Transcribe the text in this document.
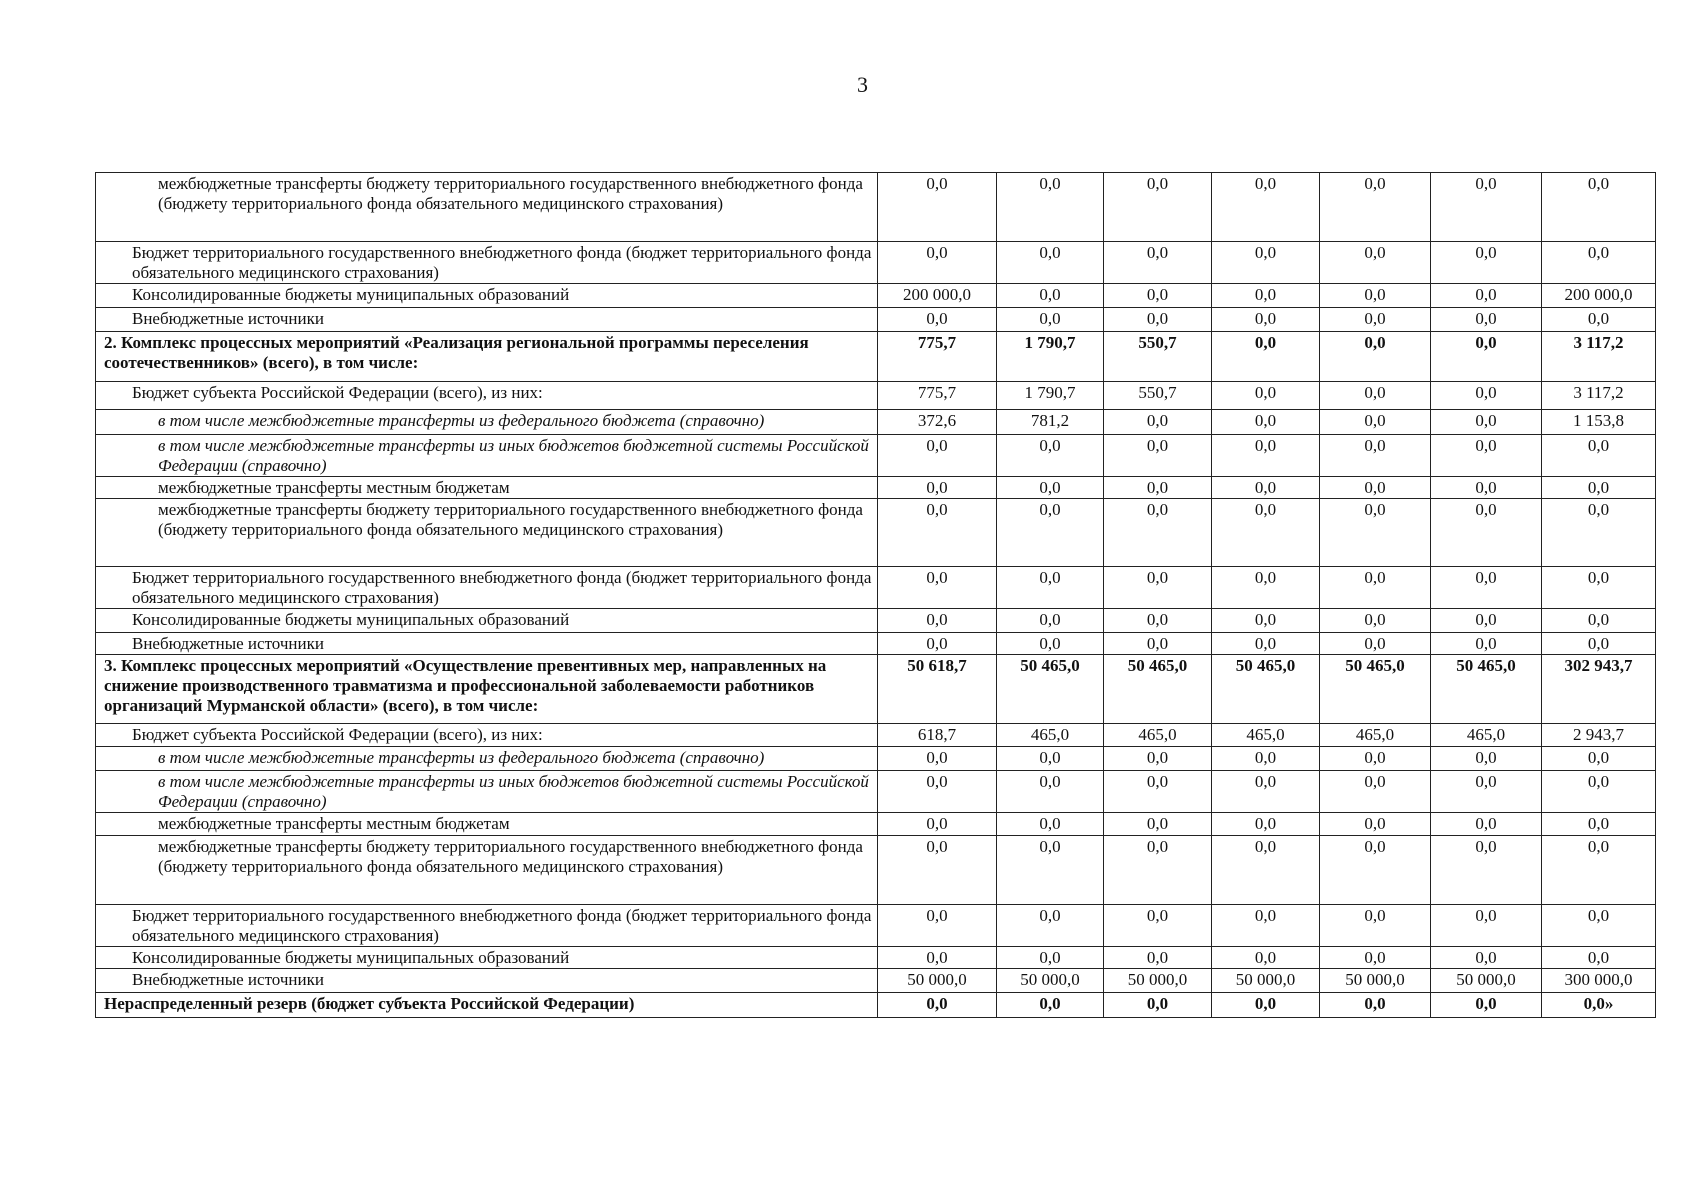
3
межбюджетные трансферты бюджету территориального государственного внебюджетного фонда (бюджету территориального фонда обязательного медицинского страхования)	0,0	0,0	0,0	0,0	0,0	0,0	0,0
Бюджет территориального государственного внебюджетного фонда (бюджет территориального фонда обязательного медицинского страхования)	0,0	0,0	0,0	0,0	0,0	0,0	0,0
Консолидированные бюджеты муниципальных образований	200 000,0	0,0	0,0	0,0	0,0	0,0	200 000,0
Внебюджетные источники	0,0	0,0	0,0	0,0	0,0	0,0	0,0
2. Комплекс процессных мероприятий «Реализация региональной программы переселения соотечественников» (всего), в том числе:	775,7	1 790,7	550,7	0,0	0,0	0,0	3 117,2
Бюджет субъекта Российской Федерации (всего), из них:	775,7	1 790,7	550,7	0,0	0,0	0,0	3 117,2
в том числе межбюджетные трансферты из федерального бюджета (справочно)	372,6	781,2	0,0	0,0	0,0	0,0	1 153,8
в том числе межбюджетные трансферты из иных бюджетов бюджетной системы Российской Федерации (справочно)	0,0	0,0	0,0	0,0	0,0	0,0	0,0
межбюджетные трансферты местным бюджетам	0,0	0,0	0,0	0,0	0,0	0,0	0,0
межбюджетные трансферты бюджету территориального государственного внебюджетного фонда (бюджету территориального фонда обязательного медицинского страхования)	0,0	0,0	0,0	0,0	0,0	0,0	0,0
Бюджет территориального государственного внебюджетного фонда (бюджет территориального фонда обязательного медицинского страхования)	0,0	0,0	0,0	0,0	0,0	0,0	0,0
Консолидированные бюджеты муниципальных образований	0,0	0,0	0,0	0,0	0,0	0,0	0,0
Внебюджетные источники	0,0	0,0	0,0	0,0	0,0	0,0	0,0
3. Комплекс процессных мероприятий «Осуществление превентивных мер, направленных на снижение производственного травматизма и профессиональной заболеваемости работников организаций Мурманской области» (всего), в том числе:	50 618,7	50 465,0	50 465,0	50 465,0	50 465,0	50 465,0	302 943,7
Бюджет субъекта Российской Федерации (всего), из них:	618,7	465,0	465,0	465,0	465,0	465,0	2 943,7
в том числе межбюджетные трансферты из федерального бюджета (справочно)	0,0	0,0	0,0	0,0	0,0	0,0	0,0
в том числе межбюджетные трансферты из иных бюджетов бюджетной системы Российской Федерации (справочно)	0,0	0,0	0,0	0,0	0,0	0,0	0,0
межбюджетные трансферты местным бюджетам	0,0	0,0	0,0	0,0	0,0	0,0	0,0
межбюджетные трансферты бюджету территориального государственного внебюджетного фонда (бюджету территориального фонда обязательного медицинского страхования)	0,0	0,0	0,0	0,0	0,0	0,0	0,0
Бюджет территориального государственного внебюджетного фонда (бюджет территориального фонда обязательного медицинского страхования)	0,0	0,0	0,0	0,0	0,0	0,0	0,0
Консолидированные бюджеты муниципальных образований	0,0	0,0	0,0	0,0	0,0	0,0	0,0
Внебюджетные источники	50 000,0	50 000,0	50 000,0	50 000,0	50 000,0	50 000,0	300 000,0
Нераспределенный резерв (бюджет субъекта Российской Федерации)	0,0	0,0	0,0	0,0	0,0	0,0	0,0»
